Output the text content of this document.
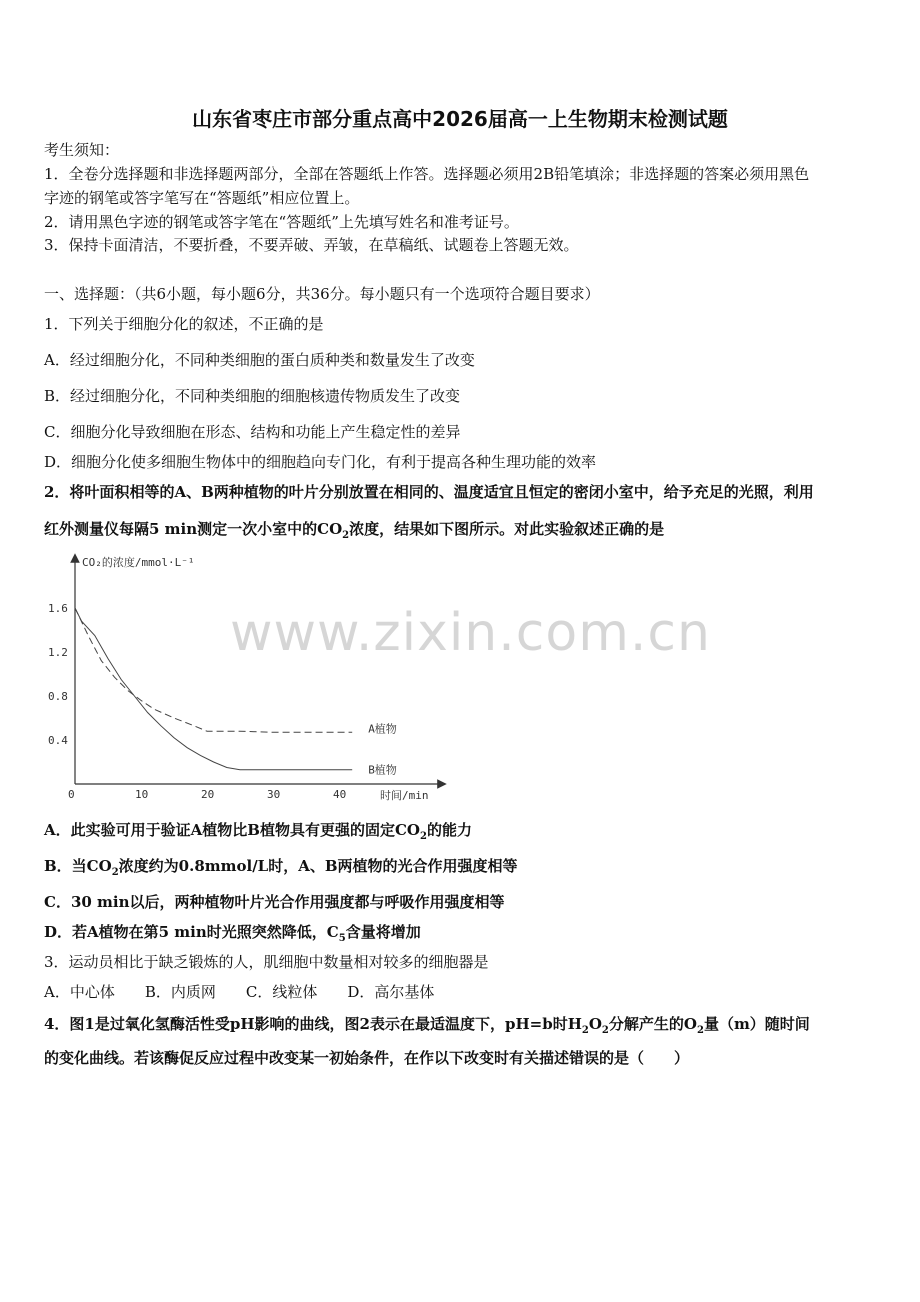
山东省枣庄市部分重点高中2026届高一上生物期末检测试题
考生须知：
1．全卷分选择题和非选择题两部分，全部在答题纸上作答。选择题必须用2B铅笔填涂；非选择题的答案必须用黑色
字迹的钢笔或答字笔写在“答题纸”相应位置上。
2．请用黑色字迹的钢笔或答字笔在“答题纸”上先填写姓名和准考证号。
3．保持卡面清洁，不要折叠，不要弄破、弄皱，在草稿纸、试题卷上答题无效。
一、选择题：（共6小题，每小题6分，共36分。每小题只有一个选项符合题目要求）
1．下列关于细胞分化的叙述，不正确的是
A．经过细胞分化，不同种类细胞的蛋白质种类和数量发生了改变
B．经过细胞分化，不同种类细胞的细胞核遗传物质发生了改变
C．细胞分化导致细胞在形态、结构和功能上产生稳定性的差异
D．细胞分化使多细胞生物体中的细胞趋向专门化，有利于提高各种生理功能的效率
2．将叶面积相等的A、B两种植物的叶片分别放置在相同的、温度适宜且恒定的密闭小室中，给予充足的光照，利用
红外测量仪每隔5 min测定一次小室中的$CO_2$浓度，结果如下图所示。对此实验叙述正确的是
www.zixin.com.cn
CO₂的浓度/mmol·L⁻¹
时间/min
0	10	20	30	40
0.4
0.8
1.2
1.6
A植物
B植物
A．此实验可用于验证A植物比B植物具有更强的固定$CO_2$的能力
B．当$CO_2$浓度约为0.8mmol/L时，A、B两植物的光合作用强度相等
C．30 min以后，两种植物叶片光合作用强度都与呼吸作用强度相等
D．若A植物在第5 min时光照突然降低，$C_5$含量将增加
3．运动员相比于缺乏锻炼的人，肌细胞中数量相对较多的细胞器是
A．中心体　　B．内质网　　C．线粒体　　D．高尔基体
4．图1是过氧化氢酶活性受pH影响的曲线，图2表示在最适温度下，pH=b时$H_2O_2$分解产生的$O_2$量（m）随时间
的变化曲线。若该酶促反应过程中改变某一初始条件，在作以下改变时有关描述错误的是（　　）
